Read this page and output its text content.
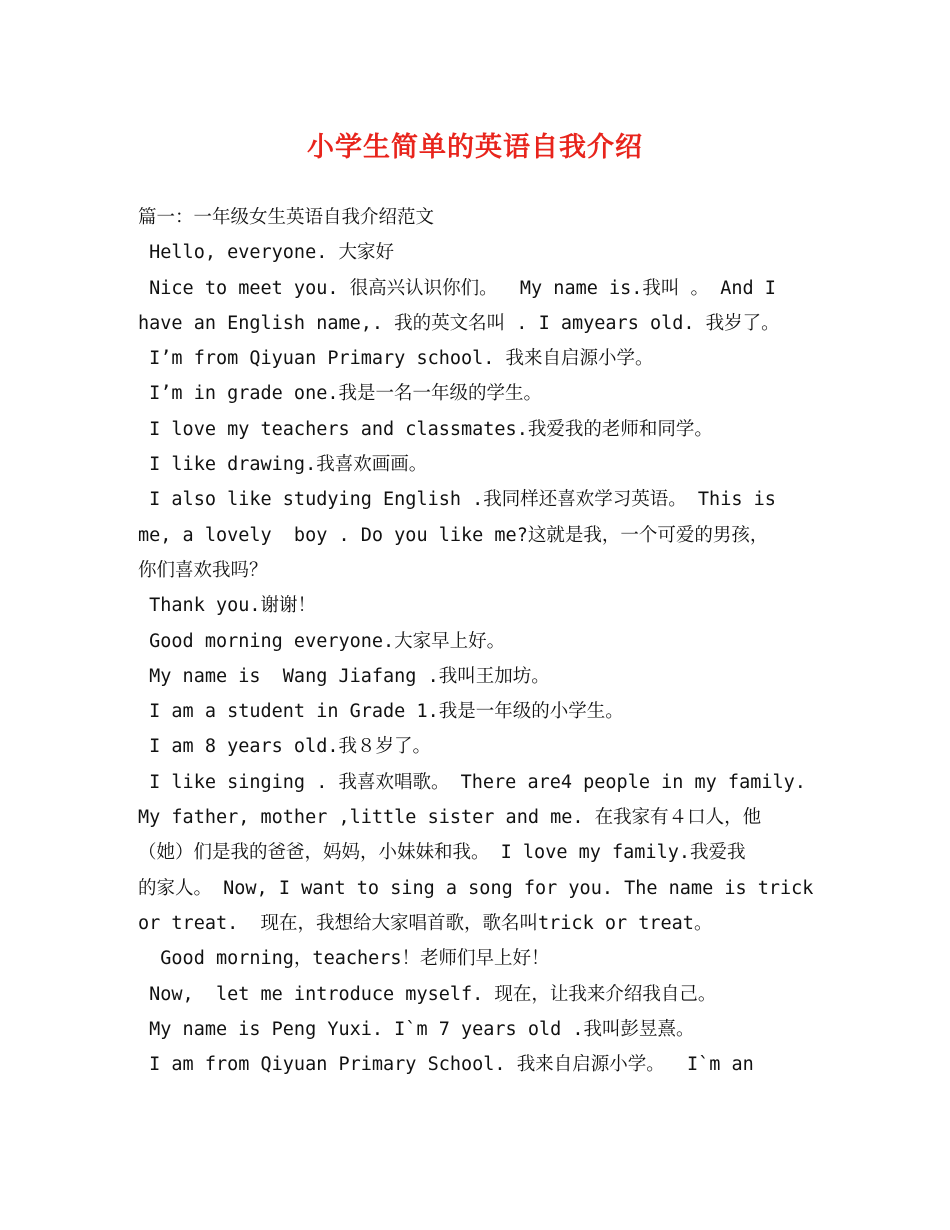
小学生简单的英语自我介绍
篇一：一年级女生英语自我介绍范文
Hello, everyone. 大家好
Nice to meet you. 很高兴认识你们。  My name is.我叫 。 And I
have an English name,. 我的英文名叫 . I amyears old. 我岁了。
I’m from Qiyuan Primary school. 我来自启源小学。
I’m in grade one.我是一名一年级的学生。
I love my teachers and classmates.我爱我的老师和同学。
I like drawing.我喜欢画画。
I also like studying English .我同样还喜欢学习英语。 This is
me, a lovely  boy . Do you like me?这就是我，一个可爱的男孩，
你们喜欢我吗？
Thank you.谢谢！
Good morning everyone.大家早上好。
My name is  Wang Jiafang .我叫王加坊。
I am a student in Grade 1.我是一年级的小学生。
I am 8 years old.我８岁了。
I like singing . 我喜欢唱歌。 There are4 people in my family.
My father, mother ,little sister and me. 在我家有４口人，他
（她）们是我的爸爸，妈妈，小妹妹和我。 I love my family.我爱我
的家人。 Now, I want to sing a song for you. The name is trick
or treat.  现在，我想给大家唱首歌，歌名叫trick or treat。
Good morning，teachers！老师们早上好！
Now,  let me introduce myself. 现在，让我来介绍我自己。
My name is Peng Yuxi. I`m 7 years old .我叫彭昱熹。
I am from Qiyuan Primary School. 我来自启源小学。  I`m an
